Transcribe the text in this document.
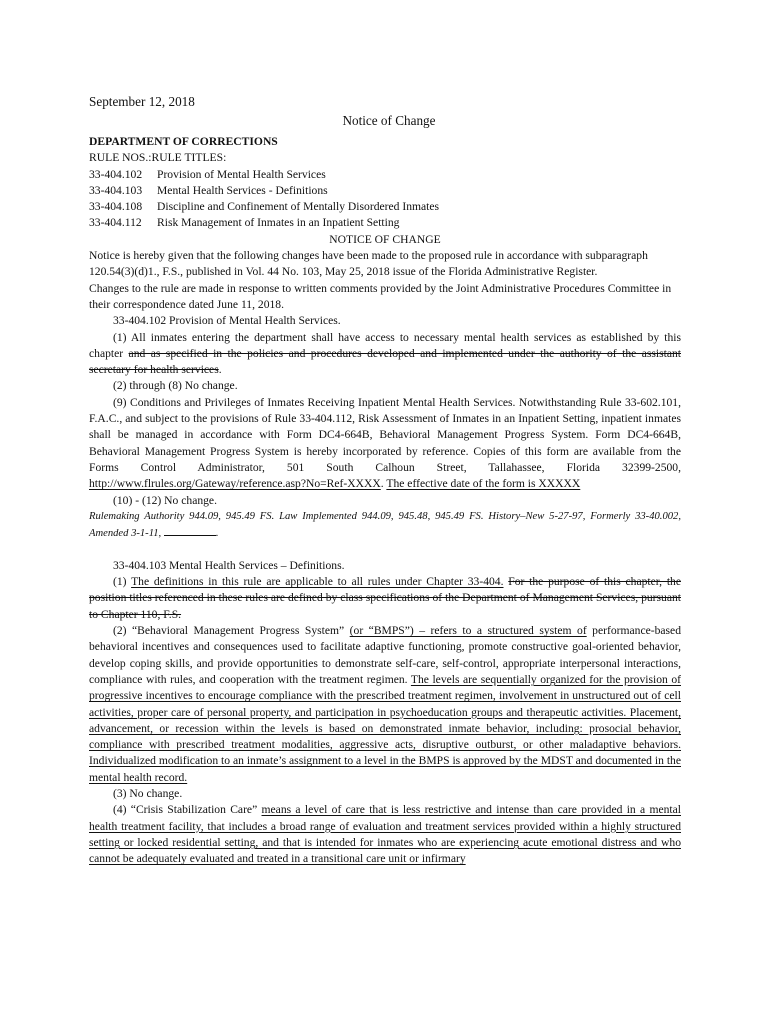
September 12, 2018
Notice of Change
DEPARTMENT OF CORRECTIONS
RULE NOS.:RULE TITLES:
33-404.102 Provision of Mental Health Services
33-404.103 Mental Health Services - Definitions
33-404.108 Discipline and Confinement of Mentally Disordered Inmates
33-404.112 Risk Management of Inmates in an Inpatient Setting
NOTICE OF CHANGE

Notice is hereby given that the following changes have been made to the proposed rule in accordance with subparagraph 120.54(3)(d)1., F.S., published in Vol. 44 No. 103, May 25, 2018 issue of the Florida Administrative Register.

Changes to the rule are made in response to written comments provided by the Joint Administrative Procedures Committee in their correspondence dated June 11, 2018.

33-404.102 Provision of Mental Health Services.

(1) All inmates entering the department shall have access to necessary mental health services as established by this chapter and as specified in the policies and procedures developed and implemented under the authority of the assistant secretary for health services.

(2) through (8) No change.

(9) Conditions and Privileges of Inmates Receiving Inpatient Mental Health Services. Notwithstanding Rule 33-602.101, F.A.C., and subject to the provisions of Rule 33-404.112, Risk Assessment of Inmates in an Inpatient Setting, inpatient inmates shall be managed in accordance with Form DC4-664B, Behavioral Management Progress System. Form DC4-664B, Behavioral Management Progress System is hereby incorporated by reference. Copies of this form are available from the Forms Control Administrator, 501 South Calhoun Street, Tallahassee, Florida 32399-2500, http://www.flrules.org/Gateway/reference.asp?No=Ref-XXXX. The effective date of the form is XXXXX

(10) - (12) No change.

Rulemaking Authority 944.09, 945.49 FS. Law Implemented 944.09, 945.48, 945.49 FS. History–New 5-27-97, Formerly 33-40.002, Amended 3-1-11,	.

33-404.103 Mental Health Services – Definitions.

(1) The definitions in this rule are applicable to all rules under Chapter 33-404. For the purpose of this chapter, the position titles referenced in these rules are defined by class specifications of the Department of Management Services, pursuant to Chapter 110, F.S.

(2) “Behavioral Management Progress System” (or “BMPS”) – refers to a structured system of performance-based behavioral incentives and consequences used to facilitate adaptive functioning, promote constructive goal-oriented behavior, develop coping skills, and provide opportunities to demonstrate self-care, self-control, appropriate interpersonal interactions, compliance with rules, and cooperation with the treatment regimen. The levels are sequentially organized for the provision of progressive incentives to encourage compliance with the prescribed treatment regimen, involvement in unstructured out of cell activities, proper care of personal property, and participation in psychoeducation groups and therapeutic activities. Placement, advancement, or recession within the levels is based on demonstrated inmate behavior, including: prosocial behavior, compliance with prescribed treatment modalities, aggressive acts, disruptive outburst, or other maladaptive behaviors. Individualized modification to an inmate’s assignment to a level in the BMPS is approved by the MDST and documented in the mental health record.

(3) No change.

(4) “Crisis Stabilization Care” means a level of care that is less restrictive and intense than care provided in a mental health treatment facility, that includes a broad range of evaluation and treatment services provided within a highly structured setting or locked residential setting, and that is intended for inmates who are experiencing acute emotional distress and who cannot be adequately evaluated and treated in a transitional care unit or infirmary
